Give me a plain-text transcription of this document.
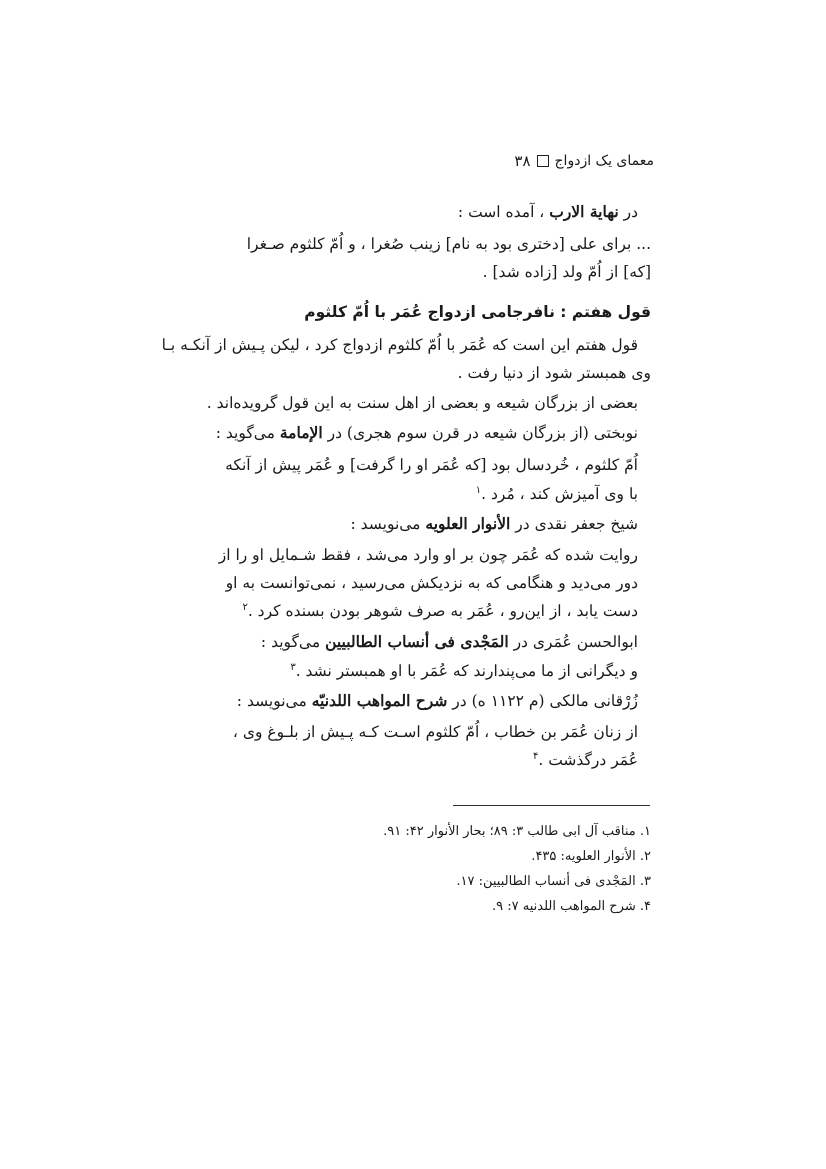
۳۸ معمای یک ازدواج
در نهاية الارب ، آمده است :
... برای علی [دختری بود به نام] زینب صُغرا ، و اُمّ کلثوم صـغرا
[که] از اُمّ ولد [زاده شد] .
قول هفتم : نافرجامی ازدواج عُمَر با اُمّ کلثوم
قول هفتم این است که عُمَر با اُمّ کلثوم ازدواج کرد ، لیکن پـیش از آنکـه بـا
وی همبستر شود از دنیا رفت .
بعضی از بزرگان شیعه و بعضی از اهل سنت به این قول گرویده‌اند .
نوبختی (از بزرگان شیعه در قرن سوم هجری) در الإمامة می‌گوید :
اُمّ کلثوم ، خُردسال بود [که عُمَر او را گرفت] و عُمَر پیش از آنکه
با وی آمیزش کند ، مُرد .$^۱$
شیخ جعفر نقدی در الأنوار العلويه می‌نویسد :
روایت شده که عُمَر چون بر او وارد می‌شد ، فقط شـمایل او را از
دور می‌دید و هنگامی که به نزدیکش می‌رسید ، نمی‌توانست به او
دست یابد ، از این‌رو ، عُمَر به صرف شوهر بودن بسنده کرد .$^۲$
ابوالحسن عُمَری در المَجْدی فی أنساب الطالبيين می‌گوید :
و دیگرانی از ما می‌پندارند که عُمَر با او همبستر نشد .$^۳$
زُرْقانی مالکی (م ۱۱۲۲ ه) در شرح المواهب اللدنيّه می‌نویسد :
از زنان عُمَر بن خطاب ، اُمّ کلثوم اسـت کـه پـیش از بلـوغ وی ،
عُمَر درگذشت .$^۴$
۱. مناقب آل ابی طالب ۳: ۸۹؛ بحار الأنوار ۴۲: ۹۱.
۲. الأنوار العلويه: ۴۳۵.
۳. المَجْدی فی أنساب الطالبيين: ۱۷.
۴. شرح المواهب اللدنيه ۷: ۹.
